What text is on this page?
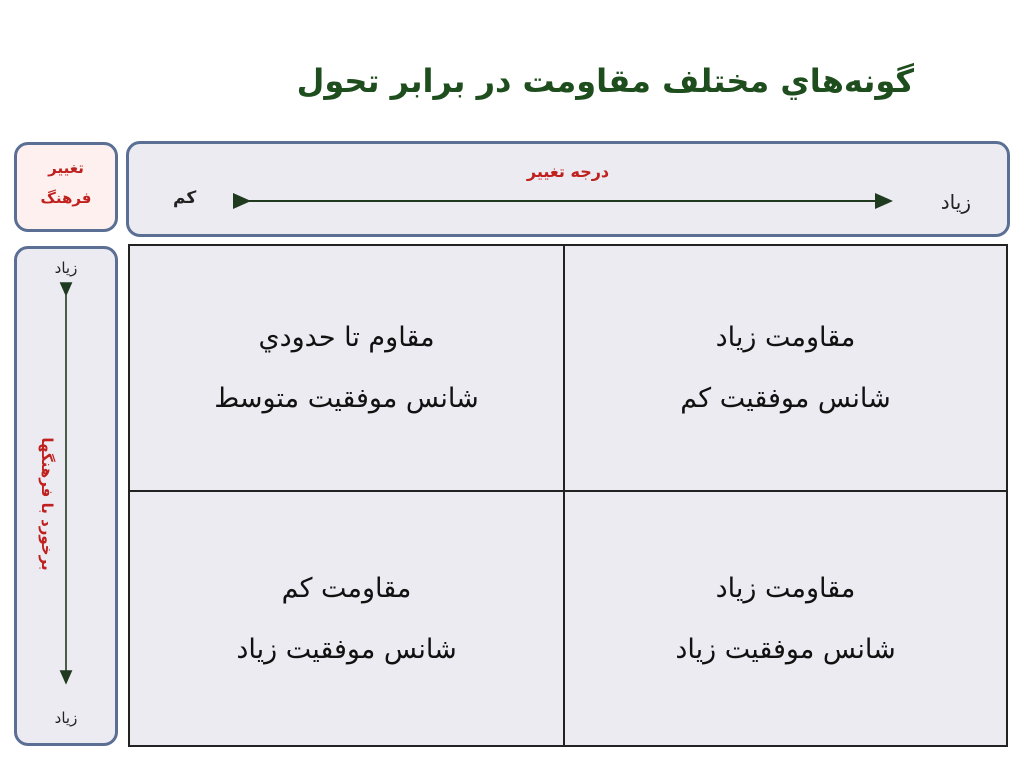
گونه‌هاي مختلف مقاومت در برابر تحول
تغيير
فرهنگ
درجه تغيير
کم	زياد
زياد
برخورد با فرهنگها
زياد
مقاومت زياد
شانس موفقيت کم
مقاوم تا حدودي
شانس موفقيت متوسط
مقاومت زياد
شانس موفقيت زياد
مقاومت کم
شانس موفقيت زياد
